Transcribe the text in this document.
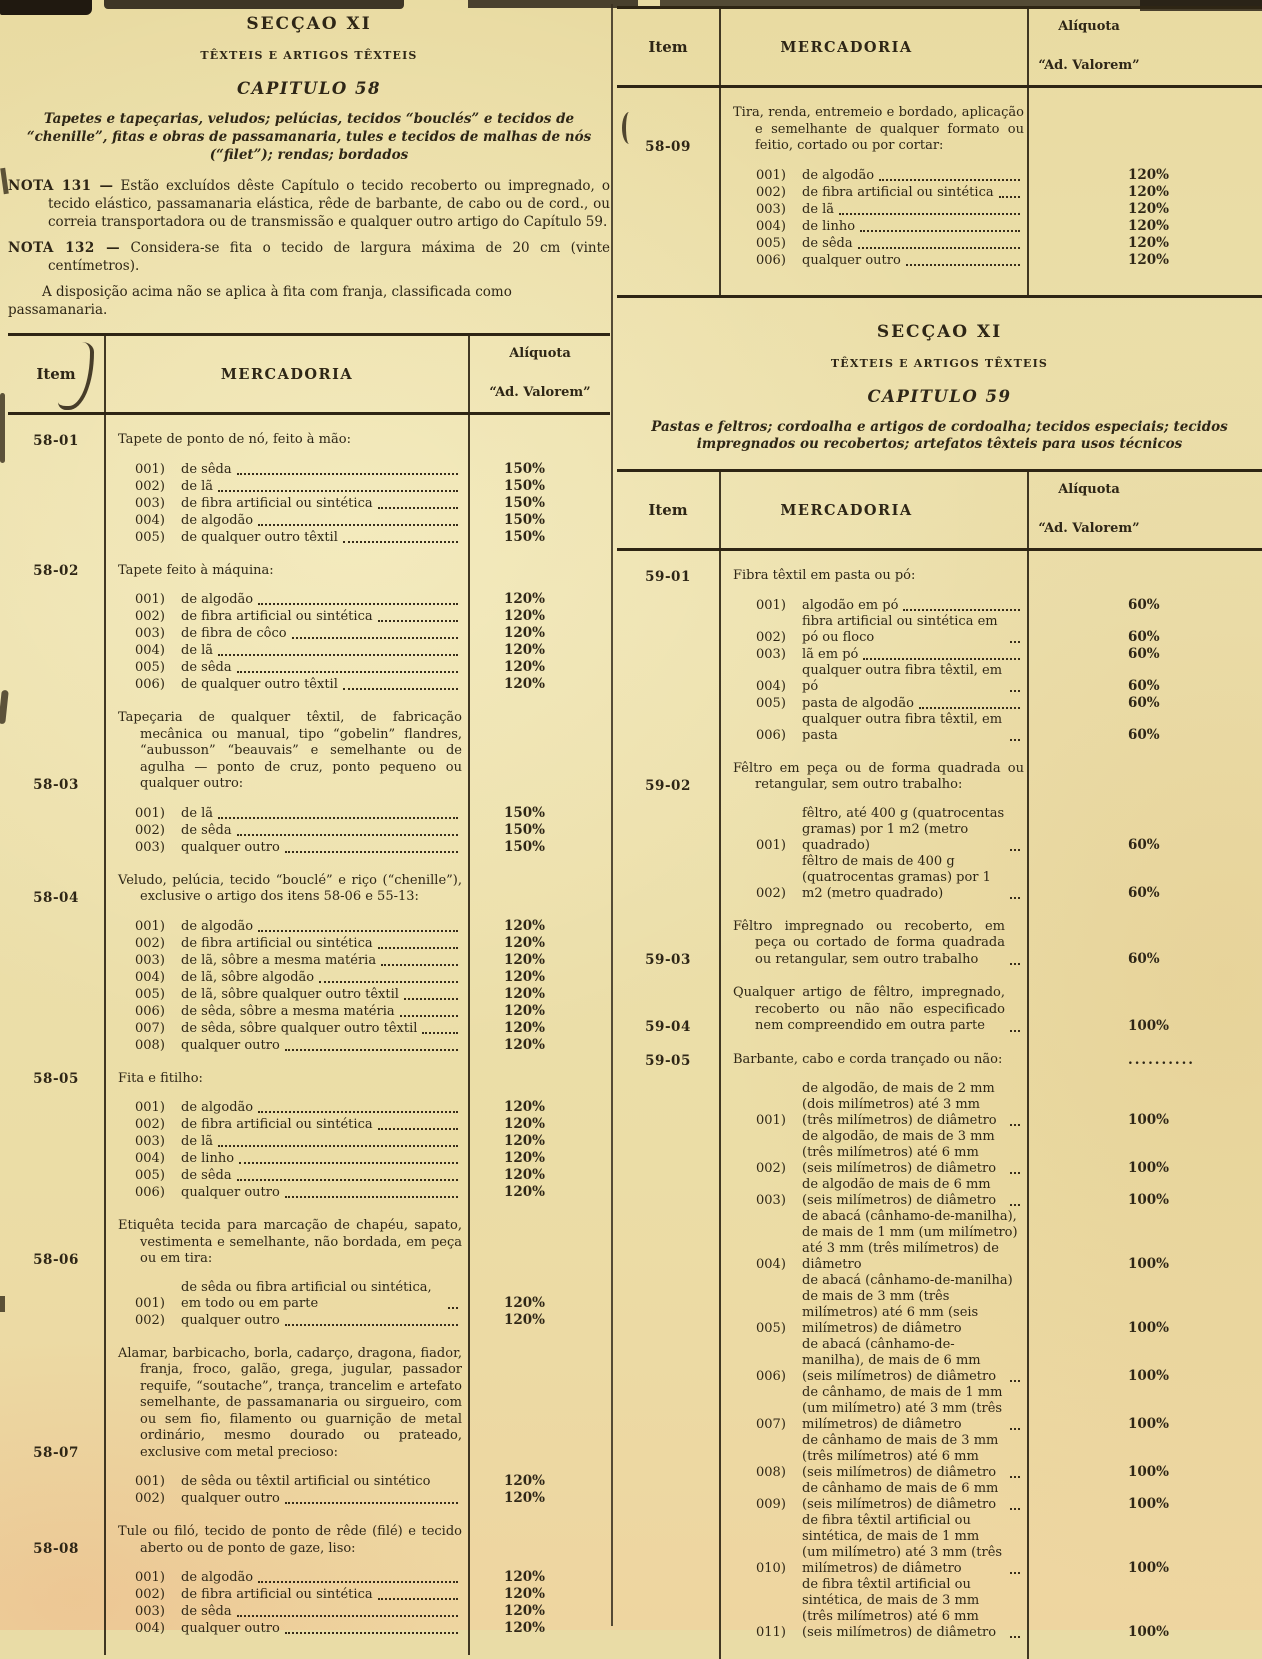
SECÇAO XI
TÊXTEIS E ARTIGOS TÊXTEIS
CAPITULO 58
Tapetes e tapeçarias, veludos; pelúcias, tecidos “bouclés” e tecidos de “chenille”, fitas e obras de passamanaria, tules e tecidos de malhas de nós (“filet”); rendas; bordados
NOTA 131 — Estão excluídos dêste Capítulo o tecido recoberto ou impregnado, o tecido elástico, passamanaria elástica, rêde de barbante, de cabo ou de cord., ou correia transportadora ou de transmissão e qualquer outro artigo do Capítulo 59.
NOTA 132 — Considera-se fita o tecido de largura máxima de 20 cm (vinte centímetros).
A disposição acima não se aplica à fita com franja, classificada como passamanaria.
Item	MERCADORIA
Alíquota
“Ad. Valorem”
58-01	Tapete de ponto de nó, feito à mão:
001)	de sêda	150%
002)	de lã	150%
003)	de fibra artificial ou sintética	150%
004)	de algodão	150%
005)	de qualquer outro têxtil	150%
58-02	Tapete feito à máquina:
001)	de algodão	120%
002)	de fibra artificial ou sintética	120%
003)	de fibra de côco	120%
004)	de lã	120%
005)	de sêda	120%
006)	de qualquer outro têxtil	120%
58-03
Tapeçaria de qualquer têxtil, de fabricação mecânica ou manual, tipo “gobelin” flandres, “aubusson” “beauvais” e semelhante ou de agulha — ponto de cruz, ponto pequeno ou qualquer outro:
001)	de lã	150%
002)	de sêda	150%
003)	qualquer outro	150%
58-04
Veludo, pelúcia, tecido “bouclé” e riço (“chenille”), exclusive o artigo dos itens 58-06 e 55-13:
001)	de algodão	120%
002)	de fibra artificial ou sintética	120%
003)	de lã, sôbre a mesma matéria	120%
004)	de lã, sôbre algodão	120%
005)	de lã, sôbre qualquer outro têxtil	120%
006)	de sêda, sôbre a mesma matéria	120%
007)	de sêda, sôbre qualquer outro têxtil	120%
008)	qualquer outro	120%
58-05	Fita e fitilho:
001)	de algodão	120%
002)	de fibra artificial ou sintética	120%
003)	de lã	120%
004)	de linho	120%
005)	de sêda	120%
006)	qualquer outro	120%
58-06
Etiquêta tecida para marcação de chapéu, sapato, vestimenta e semelhante, não bordada, em peça ou em tira:
001)
de sêda ou fibra artificial ou sintética, em todo ou em parte	120%
002)	qualquer outro	120%
58-07
Alamar, barbicacho, borla, cadarço, dragona, fiador, franja, froco, galão, grega, jugular, passador requife, “soutache”, trança, trancelim e artefato semelhante, de passamanaria ou sirgueiro, com ou sem fio, filamento ou guarnição de metal ordinário, mesmo dourado ou prateado, exclusive com metal precioso:
001)	de sêda ou têxtil artificial ou sintético	120%
002)	qualquer outro	120%
58-08
Tule ou filó, tecido de ponto de rêde (filé) e tecido aberto ou de ponto de gaze, liso:
001)	de algodão	120%
002)	de fibra artificial ou sintética	120%
003)	de sêda	120%
004)	qualquer outro	120%
Item	MERCADORIA
Alíquota
“Ad. Valorem”
58-09
Tira, renda, entremeio e bordado, aplicação e semelhante de qualquer formato ou feitio, cortado ou por cortar:
001)	de algodão	120%
002)	de fibra artificial ou sintética	120%
003)	de lã	120%
004)	de linho	120%
005)	de sêda	120%
006)	qualquer outro	120%
SECÇAO XI
TÊXTEIS E ARTIGOS TÊXTEIS
CAPITULO 59
Pastas e feltros; cordoalha e artigos de cordoalha; tecidos especiais; tecidos impregnados ou recobertos; artefatos têxteis para usos técnicos
Item	MERCADORIA
Alíquota
“Ad. Valorem”
59-01	Fibra têxtil em pasta ou pó:
001)	algodão em pó	60%
002)
fibra artificial ou sintética em pó ou floco	60%
003)	lã em pó	60%
004)
qualquer outra fibra têxtil, em pó	60%
005)	pasta de algodão	60%
006)
qualquer outra fibra têxtil, em pasta	60%
59-02
Fêltro em peça ou de forma quadrada ou retangular, sem outro trabalho:
001)
fêltro, até 400 g (quatrocentas gramas) por 1 m2 (metro quadrado)	60%
002)
fêltro de mais de 400 g (quatrocentas gramas) por 1 m2 (metro quadrado)	60%
59-03
Fêltro impregnado ou recoberto, em peça ou cortado de forma quadrada ou retangular, sem outro trabalho	60%
59-04
Qualquer artigo de fêltro, impregnado, recoberto ou não não especificado nem compreendido em outra parte	100%
59-05	Barbante, cabo e corda trançado ou não:	..........
001)
de algodão, de mais de 2 mm (dois milímetros) até 3 mm (três milímetros) de diâmetro	100%
002)
de algodão, de mais de 3 mm (três milímetros) até 6 mm (seis milímetros) de diâmetro	100%
003)
de algodão de mais de 6 mm (seis milímetros) de diâmetro	100%
004)
de abacá (cânhamo-de-manilha), de mais de 1 mm (um milímetro) até 3 mm (três milímetros) de diâmetro	100%
005)
de abacá (cânhamo-de-manilha) de mais de 3 mm (três milímetros) até 6 mm (seis milímetros) de diâmetro	100%
006)
de abacá (cânhamo-de-manilha), de mais de 6 mm (seis milímetros) de diâmetro	100%
007)
de cânhamo, de mais de 1 mm (um milímetro) até 3 mm (três milímetros) de diâmetro	100%
008)
de cânhamo de mais de 3 mm (três milímetros) até 6 mm (seis milímetros) de diâmetro	100%
009)
de cânhamo de mais de 6 mm (seis milímetros) de diâmetro	100%
010)
de fibra têxtil artificial ou sintética, de mais de 1 mm (um milímetro) até 3 mm (três milímetros) de diâmetro	100%
011)
de fibra têxtil artificial ou sintética, de mais de 3 mm (três milímetros) até 6 mm (seis milímetros) de diâmetro	100%
